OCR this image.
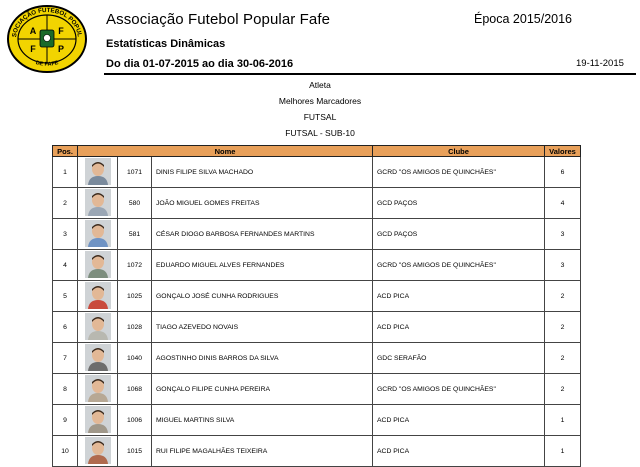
SOCIAÇÃO FUTEBOL POPUL
DE FAFE
A F
F P
Associação Futebol Popular Fafe	Época 2015/2016
Estatísticas Dinâmicas
Do dia 01-07-2015 ao dia 30-06-2016	19-11-2015
Atleta
Melhores Marcadores
FUTSAL
FUTSAL - SUB-10
Pos.	Nome			Clube	Valores
1		1071	DINIS FILIPE SILVA MACHADO	GCRD "OS AMIGOS DE QUINCHÃES"	6
2		580	JOÃO MIGUEL GOMES FREITAS	GCD PAÇOS	4
3		581	CÉSAR DIOGO BARBOSA FERNANDES MARTINS	GCD PAÇOS	3
4		1072	EDUARDO MIGUEL ALVES FERNANDES	GCRD "OS AMIGOS DE QUINCHÃES"	3
5		1025	GONÇALO JOSÉ CUNHA RODRIGUES	ACD PICA	2
6		1028	TIAGO AZEVEDO NOVAIS	ACD PICA	2
7		1040	AGOSTINHO DINIS BARROS DA SILVA	GDC SERAFÃO	2
8		1068	GONÇALO FILIPE CUNHA PEREIRA	GCRD "OS AMIGOS DE QUINCHÃES"	2
9		1006	MIGUEL MARTINS SILVA	ACD PICA	1
10		1015	RUI FILIPE MAGALHÃES TEIXEIRA	ACD PICA	1
